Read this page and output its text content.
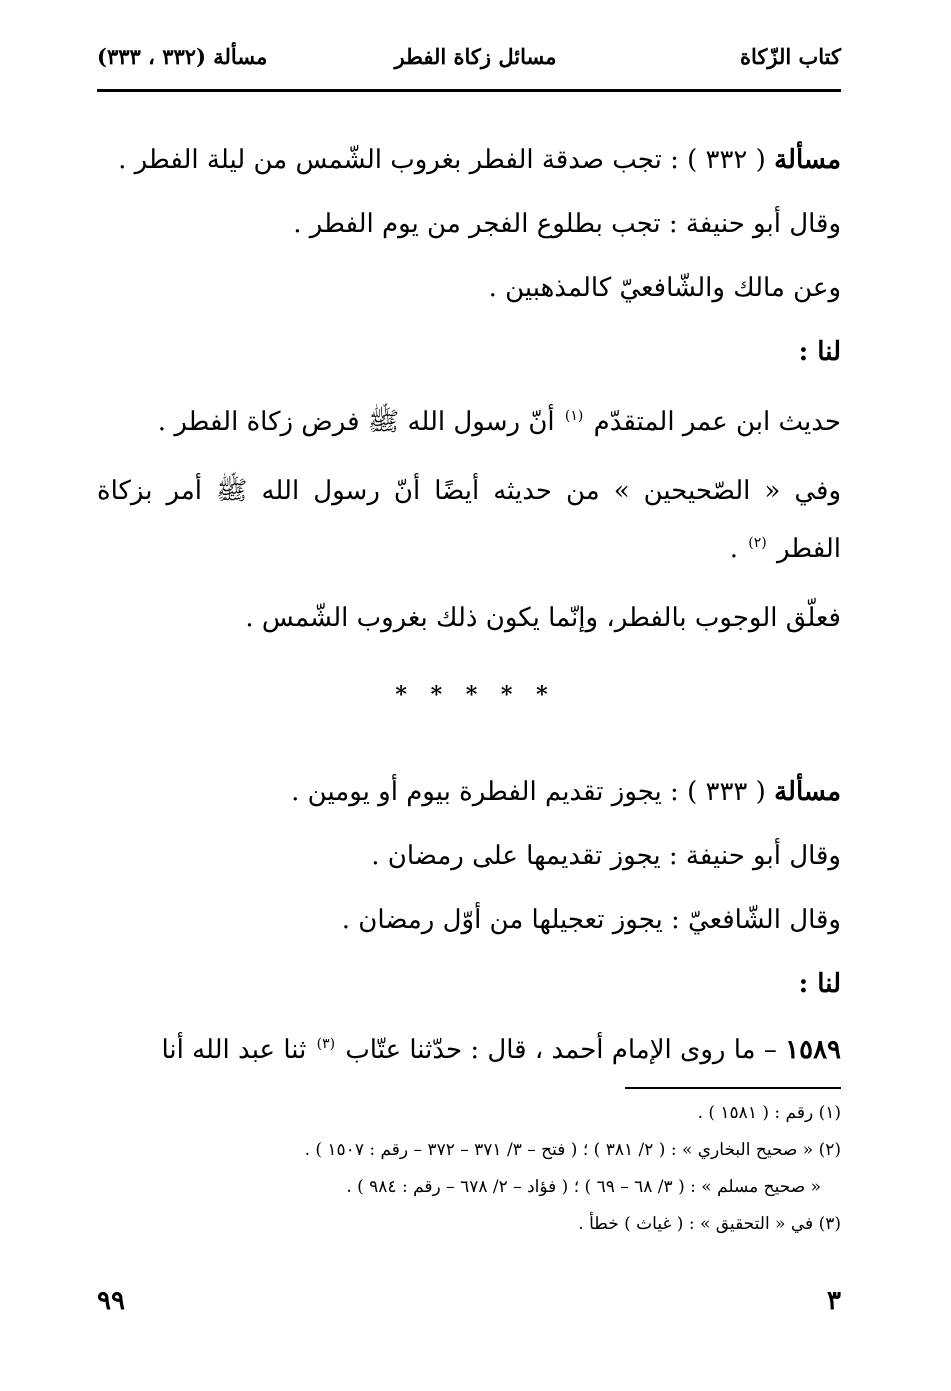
كتاب الزّكاة
مسائل زكاة الفطر
مسألة (٣٣٢ ، ٣٣٣)

مسألة ( ٣٣٢ ) : تجب صدقة الفطر بغروب الشّمس من ليلة الفطر .

وقال أبو حنيفة : تجب بطلوع الفجر من يوم الفطر .

وعن مالك والشّافعيّ كالمذهبين .

لنا :

حديث ابن عمر المتقدّم $^{(١)}$ أنّ رسول الله ﷺ فرض زكاة الفطر .

وفي « الصّحيحين » من حديثه أيضًا أنّ رسول الله ﷺ أمر بزكاة الفطر $^{(٢)}$ .

فعلّق الوجوب بالفطر، وإنّما يكون ذلك بغروب الشّمس .

* * * * *

مسألة ( ٣٣٣ ) : يجوز تقديم الفطرة بيوم أو يومين .

وقال أبو حنيفة : يجوز تقديمها على رمضان .

وقال الشّافعيّ : يجوز تعجيلها من أوّل رمضان .

لنا :

١٥٨٩ – ما روى الإمام أحمد ، قال : حدّثنا عتّاب $^{(٣)}$ ثنا عبد الله أنا

(١) رقم : ( ١٥٨١ ) .
(٢) « صحيح البخاري » : ( ٢/ ٣٨١ ) ؛ ( فتح – ٣/ ٣٧١ – ٣٧٢ – رقم : ١٥٠٧ ) .
« صحيح مسلم » : ( ٣/ ٦٨ – ٦٩ ) ؛ ( فؤاد – ٢/ ٦٧٨ – رقم : ٩٨٤ ) .
(٣) في « التحقيق » : ( غياث ) خطأ .
٣
٩٩
